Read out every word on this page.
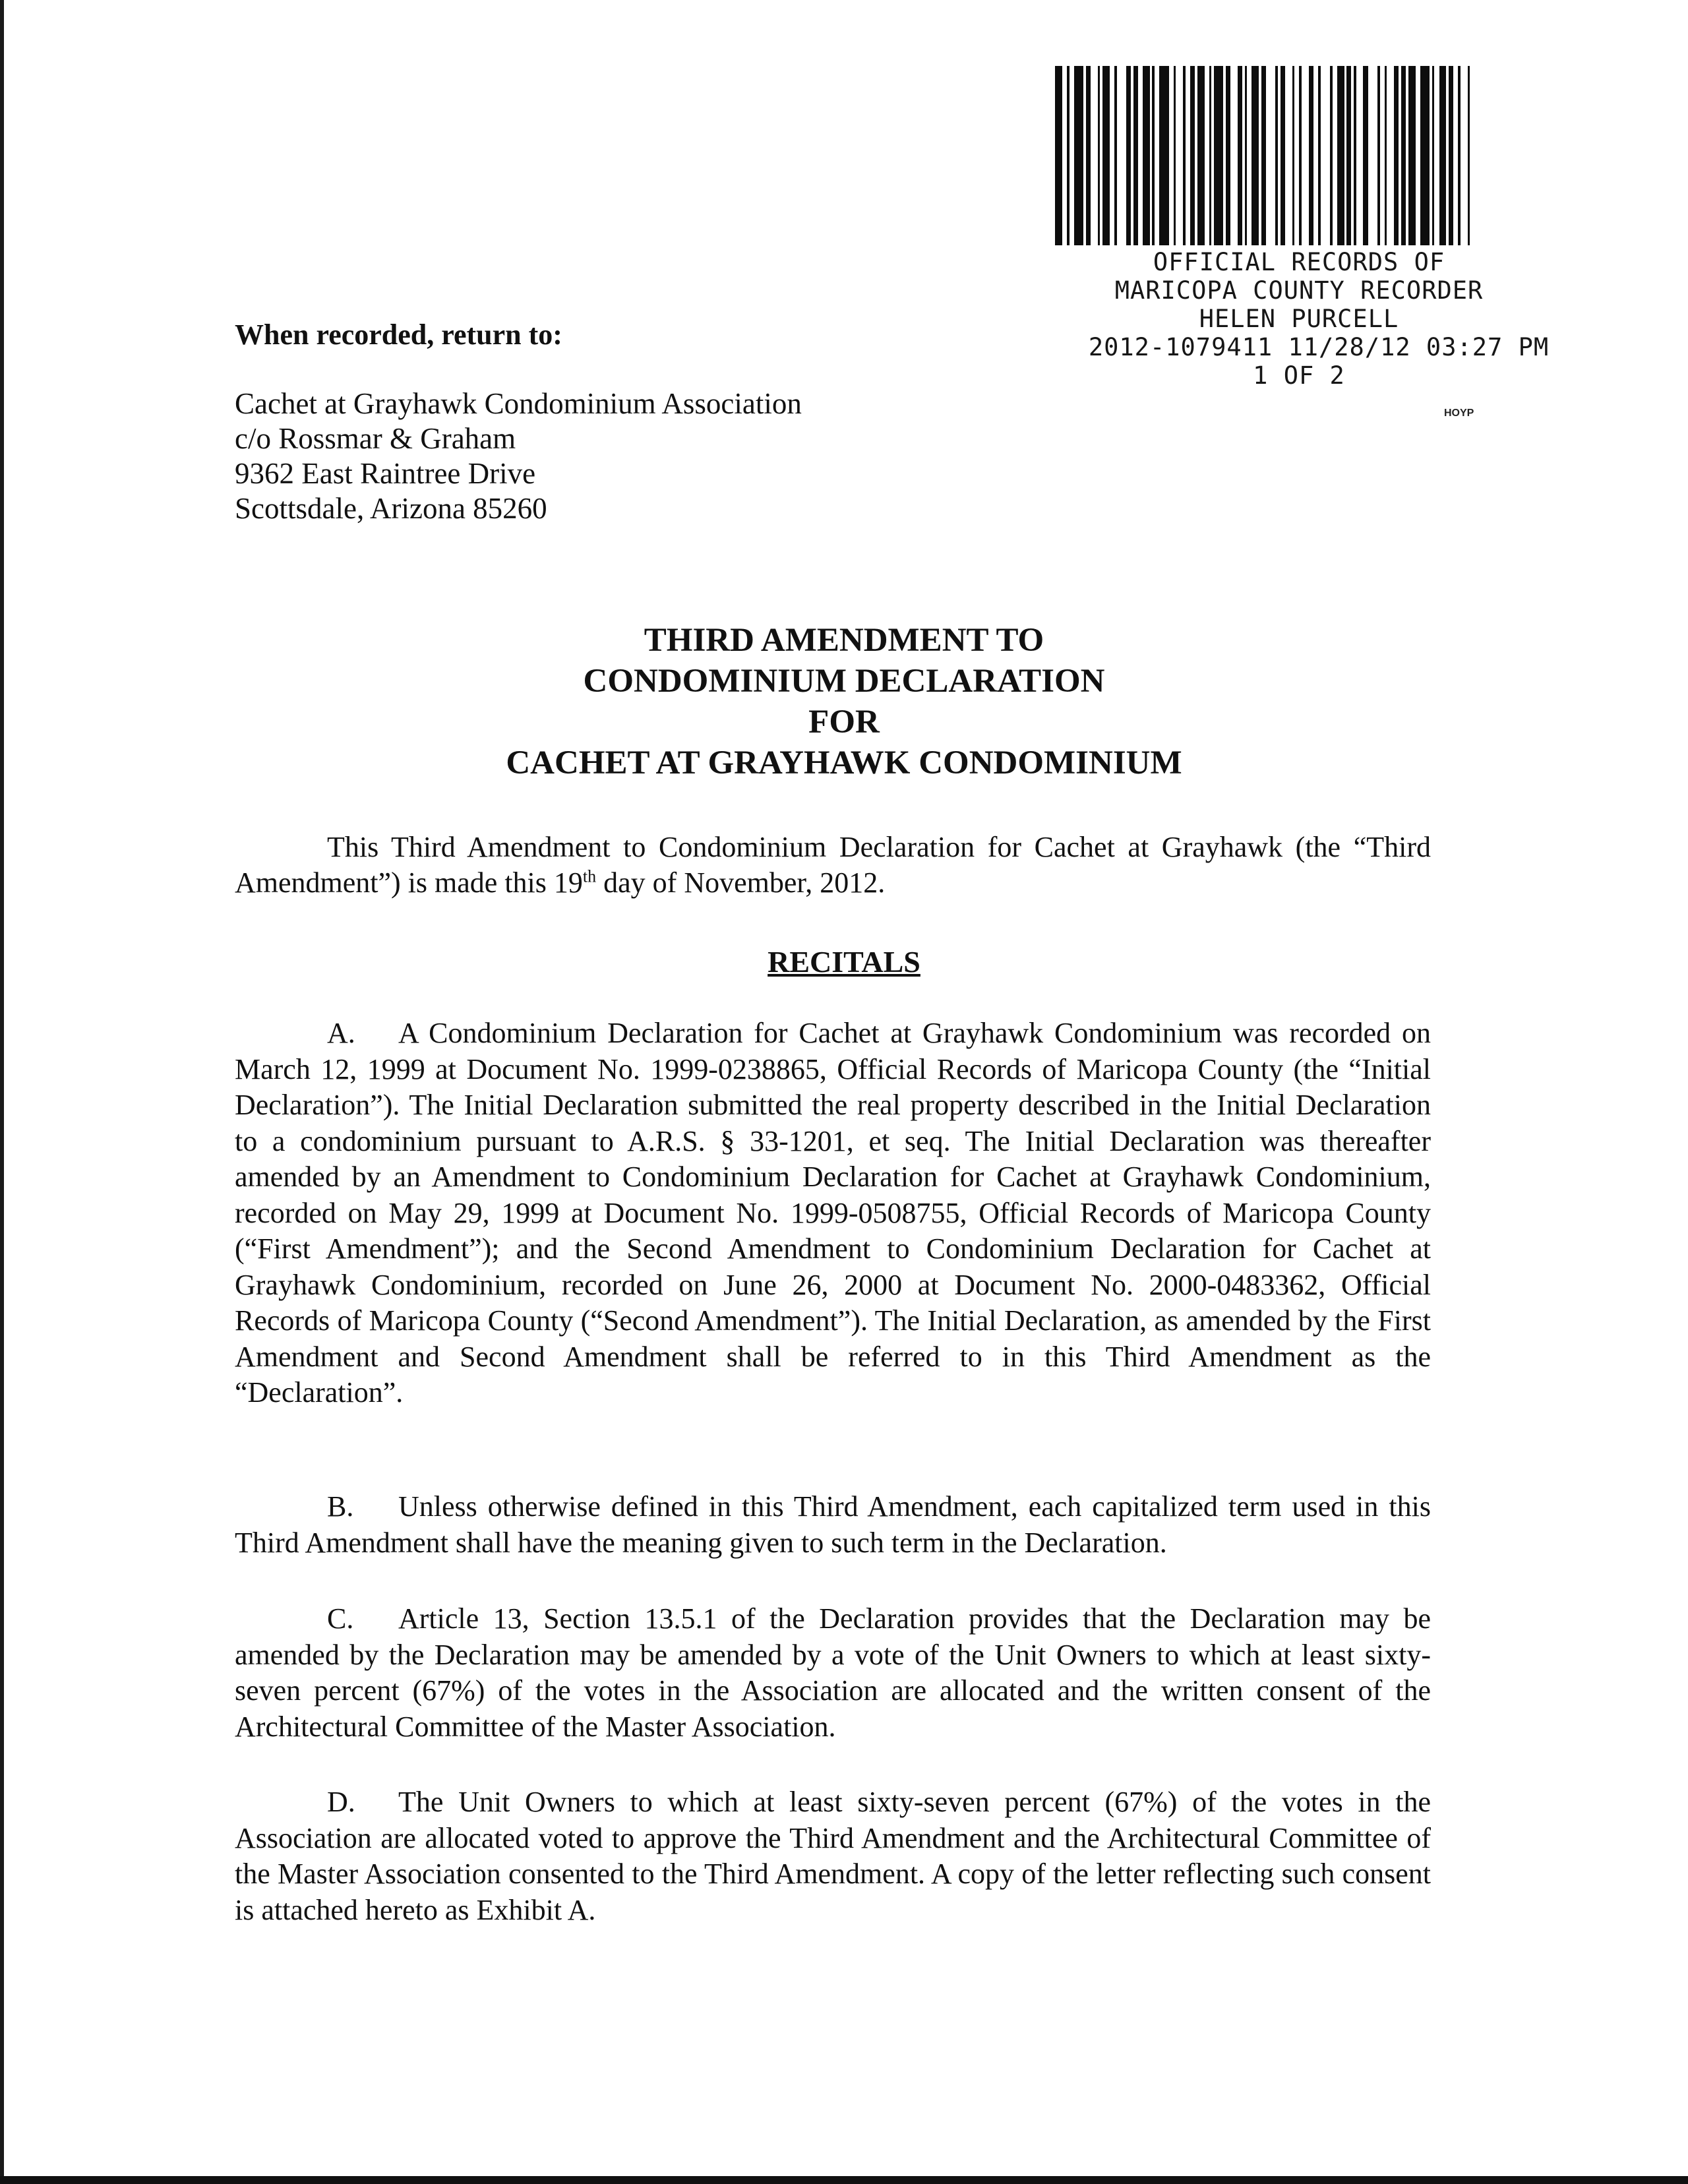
OFFICIAL RECORDS OF
MARICOPA COUNTY RECORDER
HELEN PURCELL
2012-1079411 11/28/12 03:27 PM
1 OF 2
HOYP
When recorded, return to:
Cachet at Grayhawk Condominium Association
c/o Rossmar & Graham
9362 East Raintree Drive
Scottsdale, Arizona 85260
THIRD AMENDMENT TO
CONDOMINIUM DECLARATION
FOR
CACHET AT GRAYHAWK CONDOMINIUM
This Third Amendment to Condominium Declaration for Cachet at Grayhawk (the “Third Amendment”) is made this 19th day of November, 2012.
RECITALS
A. A Condominium Declaration for Cachet at Grayhawk Condominium was recorded on March 12, 1999 at Document No. 1999-0238865, Official Records of Maricopa County (the “Initial Declaration”). The Initial Declaration submitted the real property described in the Initial Declaration to a condominium pursuant to A.R.S. § 33-1201, et seq. The Initial Declaration was thereafter amended by an Amendment to Condominium Declaration for Cachet at Grayhawk Condominium, recorded on May 29, 1999 at Document No. 1999-0508755, Official Records of Maricopa County (“First Amendment”); and the Second Amendment to Condominium Declaration for Cachet at Grayhawk Condominium, recorded on June 26, 2000 at Document No. 2000-0483362, Official Records of Maricopa County (“Second Amendment”). The Initial Declaration, as amended by the First Amendment and Second Amendment shall be referred to in this Third Amendment as the “Declaration”.
B. Unless otherwise defined in this Third Amendment, each capitalized term used in this Third Amendment shall have the meaning given to such term in the Declaration.
C. Article 13, Section 13.5.1 of the Declaration provides that the Declaration may be amended by the Declaration may be amended by a vote of the Unit Owners to which at least sixty-seven percent (67%) of the votes in the Association are allocated and the written consent of the Architectural Committee of the Master Association.
D. The Unit Owners to which at least sixty-seven percent (67%) of the votes in the Association are allocated voted to approve the Third Amendment and the Architectural Committee of the Master Association consented to the Third Amendment. A copy of the letter reflecting such consent is attached hereto as Exhibit A.
